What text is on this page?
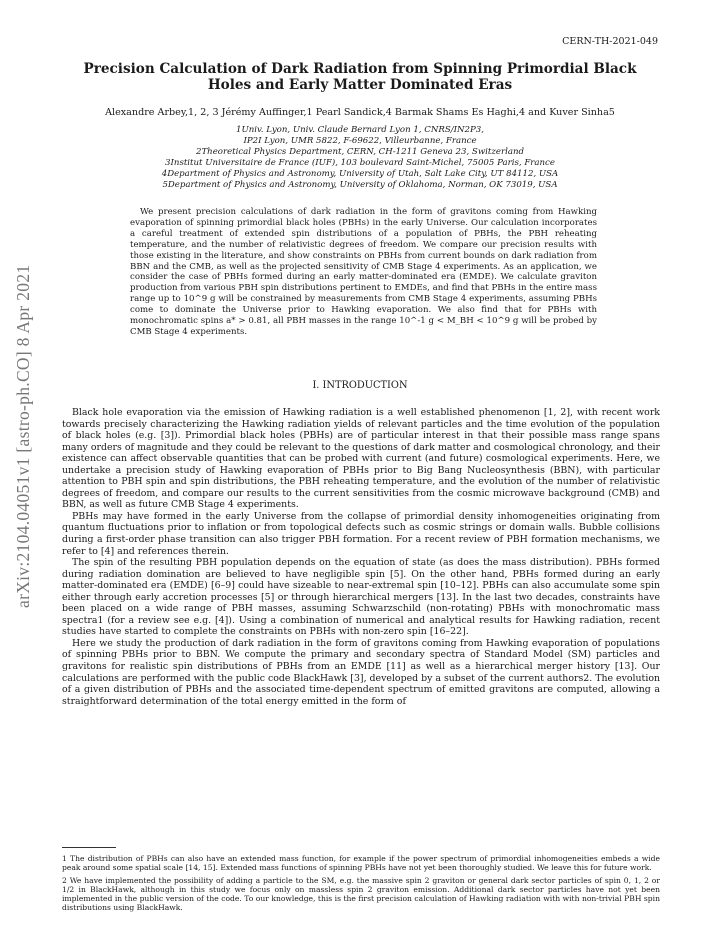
CERN-TH-2021-049
arXiv:2104.04051v1 [astro-ph.CO] 8 Apr 2021
Precision Calculation of Dark Radiation from Spinning Primordial Black Holes and Early Matter Dominated Eras
Alexandre Arbey,1, 2, 3 Jérémy Auffinger,1 Pearl Sandick,4 Barmak Shams Es Haghi,4 and Kuver Sinha5
1Univ. Lyon, Univ. Claude Bernard Lyon 1, CNRS/IN2P3,
IP2I Lyon, UMR 5822, F-69622, Villeurbanne, France
2Theoretical Physics Department, CERN, CH-1211 Geneva 23, Switzerland
3Institut Universitaire de France (IUF), 103 boulevard Saint-Michel, 75005 Paris, France
4Department of Physics and Astronomy, University of Utah, Salt Lake City, UT 84112, USA
5Department of Physics and Astronomy, University of Oklahoma, Norman, OK 73019, USA
We present precision calculations of dark radiation in the form of gravitons coming from Hawking evaporation of spinning primordial black holes (PBHs) in the early Universe. Our calculation incorporates a careful treatment of extended spin distributions of a population of PBHs, the PBH reheating temperature, and the number of relativistic degrees of freedom. We compare our precision results with those existing in the literature, and show constraints on PBHs from current bounds on dark radiation from BBN and the CMB, as well as the projected sensitivity of CMB Stage 4 experiments. As an application, we consider the case of PBHs formed during an early matter-dominated era (EMDE). We calculate graviton production from various PBH spin distributions pertinent to EMDEs, and find that PBHs in the entire mass range up to 10^9 g will be constrained by measurements from CMB Stage 4 experiments, assuming PBHs come to dominate the Universe prior to Hawking evaporation. We also find that for PBHs with monochromatic spins a* > 0.81, all PBH masses in the range 10^-1 g < M_BH < 10^9 g will be probed by CMB Stage 4 experiments.
I. INTRODUCTION

Black hole evaporation via the emission of Hawking radiation is a well established phenomenon [1, 2], with recent work towards precisely characterizing the Hawking radiation yields of relevant particles and the time evolution of the population of black holes (e.g. [3]). Primordial black holes (PBHs) are of particular interest in that their possible mass range spans many orders of magnitude and they could be relevant to the questions of dark matter and cosmological chronology, and their existence can affect observable quantities that can be probed with current (and future) cosmological experiments. Here, we undertake a precision study of Hawking evaporation of PBHs prior to Big Bang Nucleosynthesis (BBN), with particular attention to PBH spin and spin distributions, the PBH reheating temperature, and the evolution of the number of relativistic degrees of freedom, and compare our results to the current sensitivities from the cosmic microwave background (CMB) and BBN, as well as future CMB Stage 4 experiments.

PBHs may have formed in the early Universe from the collapse of primordial density inhomogeneities originating from quantum fluctuations prior to inflation or from topological defects such as cosmic strings or domain walls. Bubble collisions during a first-order phase transition can also trigger PBH formation. For a recent review of PBH formation mechanisms, we refer to [4] and references therein.

The spin of the resulting PBH population depends on the equation of state (as does the mass distribution). PBHs formed during radiation domination are believed to have negligible spin [5]. On the other hand, PBHs formed during an early matter-dominated era (EMDE) [6–9] could have sizeable to near-extremal spin [10–12]. PBHs can also accumulate some spin either through early accretion processes [5] or through hierarchical mergers [13]. In the last two decades, constraints have been placed on a wide range of PBH masses, assuming Schwarzschild (non-rotating) PBHs with monochromatic mass spectra1 (for a review see e.g. [4]). Using a combination of numerical and analytical results for Hawking radiation, recent studies have started to complete the constraints on PBHs with non-zero spin [16–22].

Here we study the production of dark radiation in the form of gravitons coming from Hawking evaporation of populations of spinning PBHs prior to BBN. We compute the primary and secondary spectra of Standard Model (SM) particles and gravitons for realistic spin distributions of PBHs from an EMDE [11] as well as a hierarchical merger history [13]. Our calculations are performed with the public code BlackHawk [3], developed by a subset of the current authors2. The evolution of a given distribution of PBHs and the associated time-dependent spectrum of emitted gravitons are computed, allowing a straightforward determination of the total energy emitted in the form of

1 The distribution of PBHs can also have an extended mass function, for example if the power spectrum of primordial inhomogeneities embeds a wide peak around some spatial scale [14, 15]. Extended mass functions of spinning PBHs have not yet been thoroughly studied. We leave this for future work.

2 We have implemented the possibility of adding a particle to the SM, e.g. the massive spin 2 graviton or general dark sector particles of spin 0, 1, 2 or 1/2 in BlackHawk, although in this study we focus only on massless spin 2 graviton emission. Additional dark sector particles have not yet been implemented in the public version of the code. To our knowledge, this is the first precision calculation of Hawking radiation with with non-trivial PBH spin distributions using BlackHawk.
